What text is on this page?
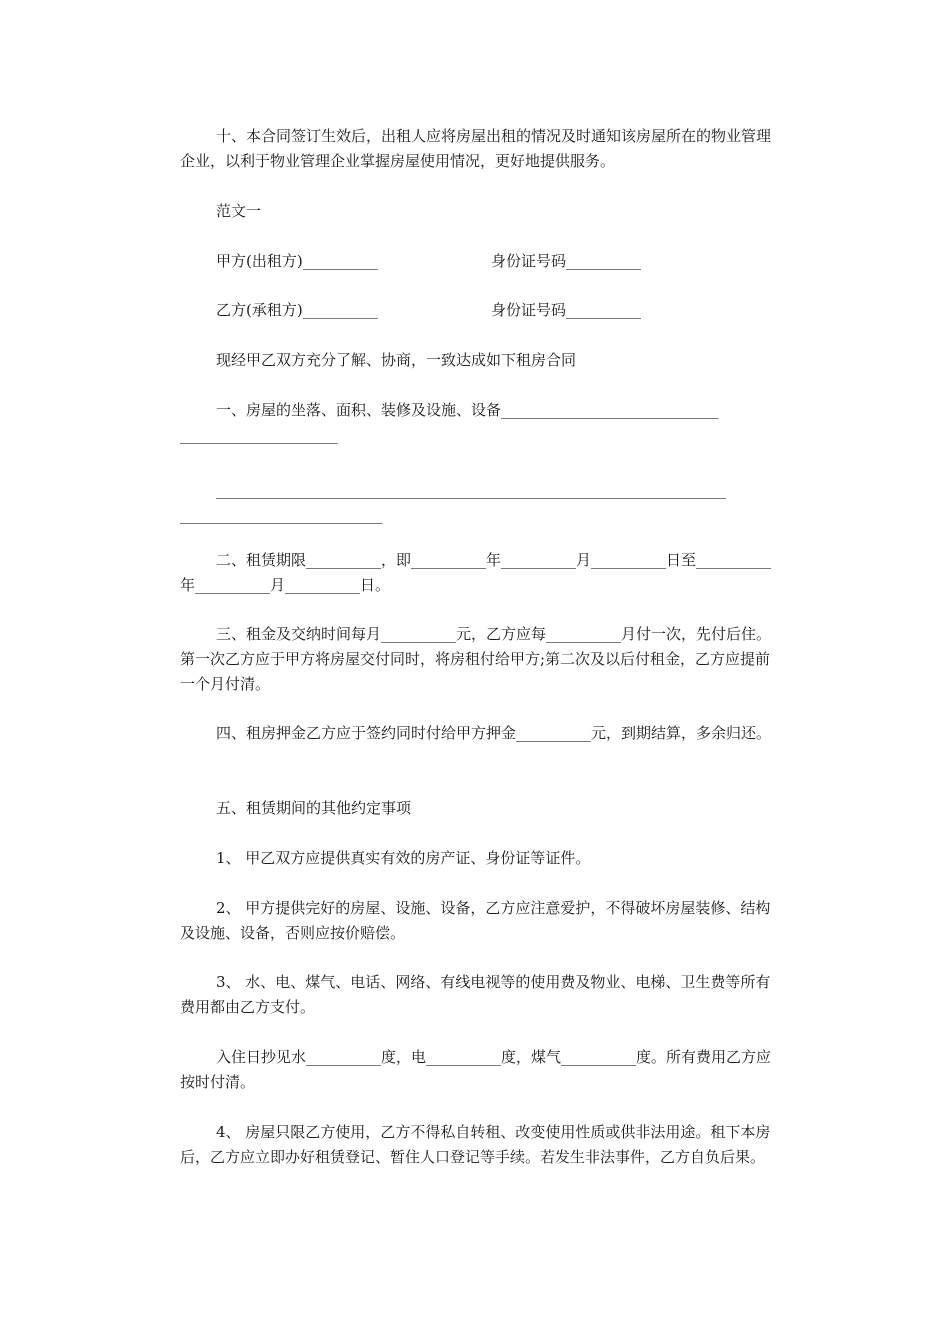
十、本合同签订生效后，出租人应将房屋出租的情况及时通知该房屋所在的物业管理企业，以利于物业管理企业掌握房屋使用情况，更好地提供服务。

范文一

甲方(出租方)__________	身份证号码__________

乙方(承租方)__________	身份证号码__________

现经甲乙双方充分了解、协商，一致达成如下租房合同

一、房屋的坐落、面积、装修及设施、设备_____________________________

_____________________

____________________________________________________________________

___________________________

二、租赁期限__________，即__________年__________月__________日至__________年__________月__________日。

三、租金及交纳时间每月__________元，乙方应每__________月付一次，先付后住。第一次乙方应于甲方将房屋交付同时，将房租付给甲方;第二次及以后付租金，乙方应提前一个月付清。

四、租房押金乙方应于签约同时付给甲方押金__________元，到期结算，多余归还。

五、租赁期间的其他约定事项

1、 甲乙双方应提供真实有效的房产证、身份证等证件。

2、 甲方提供完好的房屋、设施、设备，乙方应注意爱护，不得破坏房屋装修、结构及设施、设备，否则应按价赔偿。

3、 水、电、煤气、电话、网络、有线电视等的使用费及物业、电梯、卫生费等所有费用都由乙方支付。

入住日抄见水__________度，电__________度，煤气__________度。所有费用乙方应按时付清。

4、 房屋只限乙方使用，乙方不得私自转租、改变使用性质或供非法用途。租下本房后，乙方应立即办好租赁登记、暂住人口登记等手续。若发生非法事件，乙方自负后果。
